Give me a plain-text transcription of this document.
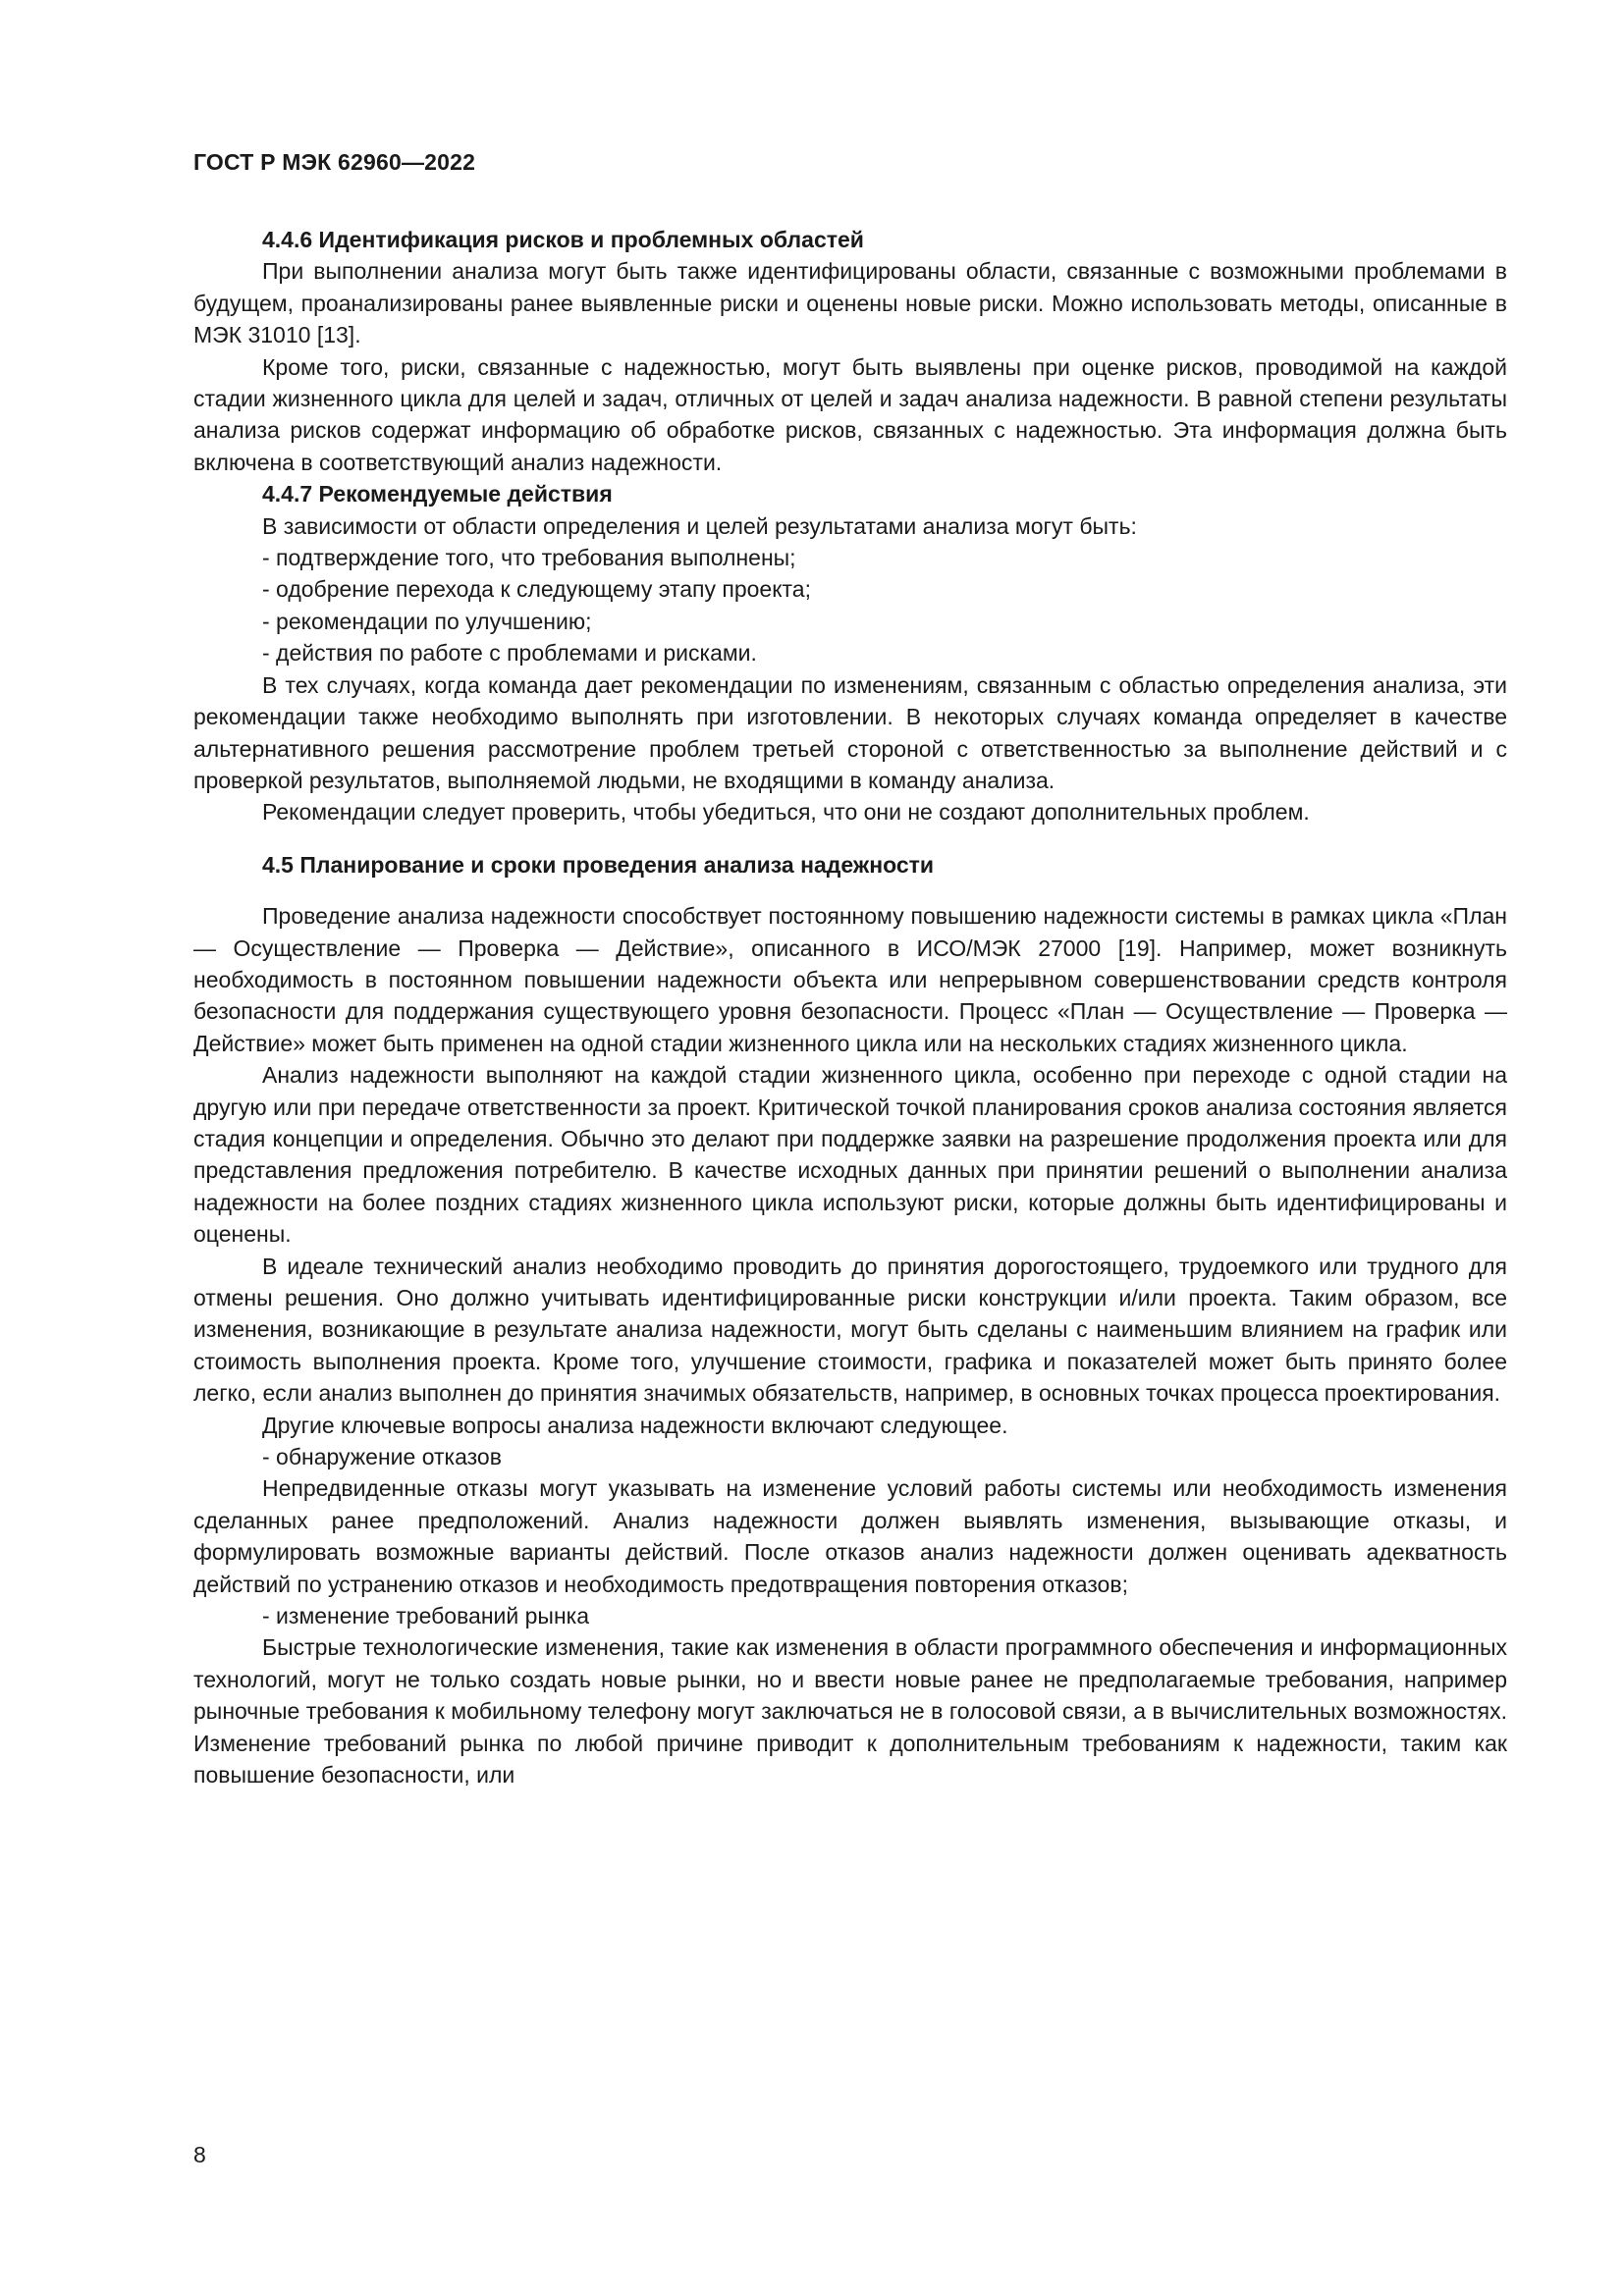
ГОСТ Р МЭК 62960—2022
4.4.6 Идентификация рисков и проблемных областей

При выполнении анализа могут быть также идентифицированы области, связанные с возможными проблемами в будущем, проанализированы ранее выявленные риски и оценены новые риски. Можно использовать методы, описанные в МЭК 31010 [13].

Кроме того, риски, связанные с надежностью, могут быть выявлены при оценке рисков, проводимой на каждой стадии жизненного цикла для целей и задач, отличных от целей и задач анализа надежности. В равной степени результаты анализа рисков содержат информацию об обработке рисков, связанных с надежностью. Эта информация должна быть включена в соответствующий анализ надежности.

4.4.7 Рекомендуемые действия

В зависимости от области определения и целей результатами анализа могут быть:

- подтверждение того, что требования выполнены;
- одобрение перехода к следующему этапу проекта;
- рекомендации по улучшению;
- действия по работе с проблемами и рисками.

В тех случаях, когда команда дает рекомендации по изменениям, связанным с областью определения анализа, эти рекомендации также необходимо выполнять при изготовлении. В некоторых случаях команда определяет в качестве альтернативного решения рассмотрение проблем третьей стороной с ответственностью за выполнение действий и с проверкой результатов, выполняемой людьми, не входящими в команду анализа.

Рекомендации следует проверить, чтобы убедиться, что они не создают дополнительных проблем.

4.5 Планирование и сроки проведения анализа надежности

Проведение анализа надежности способствует постоянному повышению надежности системы в рамках цикла «План — Осуществление — Проверка — Действие», описанного в ИСО/МЭК 27000 [19]. Например, может возникнуть необходимость в постоянном повышении надежности объекта или непрерывном совершенствовании средств контроля безопасности для поддержания существующего уровня безопасности. Процесс «План — Осуществление — Проверка — Действие» может быть применен на одной стадии жизненного цикла или на нескольких стадиях жизненного цикла.

Анализ надежности выполняют на каждой стадии жизненного цикла, особенно при переходе с одной стадии на другую или при передаче ответственности за проект. Критической точкой планирования сроков анализа состояния является стадия концепции и определения. Обычно это делают при поддержке заявки на разрешение продолжения проекта или для представления предложения потребителю. В качестве исходных данных при принятии решений о выполнении анализа надежности на более поздних стадиях жизненного цикла используют риски, которые должны быть идентифицированы и оценены.

В идеале технический анализ необходимо проводить до принятия дорогостоящего, трудоемкого или трудного для отмены решения. Оно должно учитывать идентифицированные риски конструкции и/или проекта. Таким образом, все изменения, возникающие в результате анализа надежности, могут быть сделаны с наименьшим влиянием на график или стоимость выполнения проекта. Кроме того, улучшение стоимости, графика и показателей может быть принято более легко, если анализ выполнен до принятия значимых обязательств, например, в основных точках процесса проектирования.

Другие ключевые вопросы анализа надежности включают следующее.

- обнаружение отказов

Непредвиденные отказы могут указывать на изменение условий работы системы или необходимость изменения сделанных ранее предположений. Анализ надежности должен выявлять изменения, вызывающие отказы, и формулировать возможные варианты действий. После отказов анализ надежности должен оценивать адекватность действий по устранению отказов и необходимость предотвращения повторения отказов;

- изменение требований рынка

Быстрые технологические изменения, такие как изменения в области программного обеспечения и информационных технологий, могут не только создать новые рынки, но и ввести новые ранее не предполагаемые требования, например рыночные требования к мобильному телефону могут заключаться не в голосовой связи, а в вычислительных возможностях. Изменение требований рынка по любой причине приводит к дополнительным требованиям к надежности, таким как повышение безопасности, или

8
